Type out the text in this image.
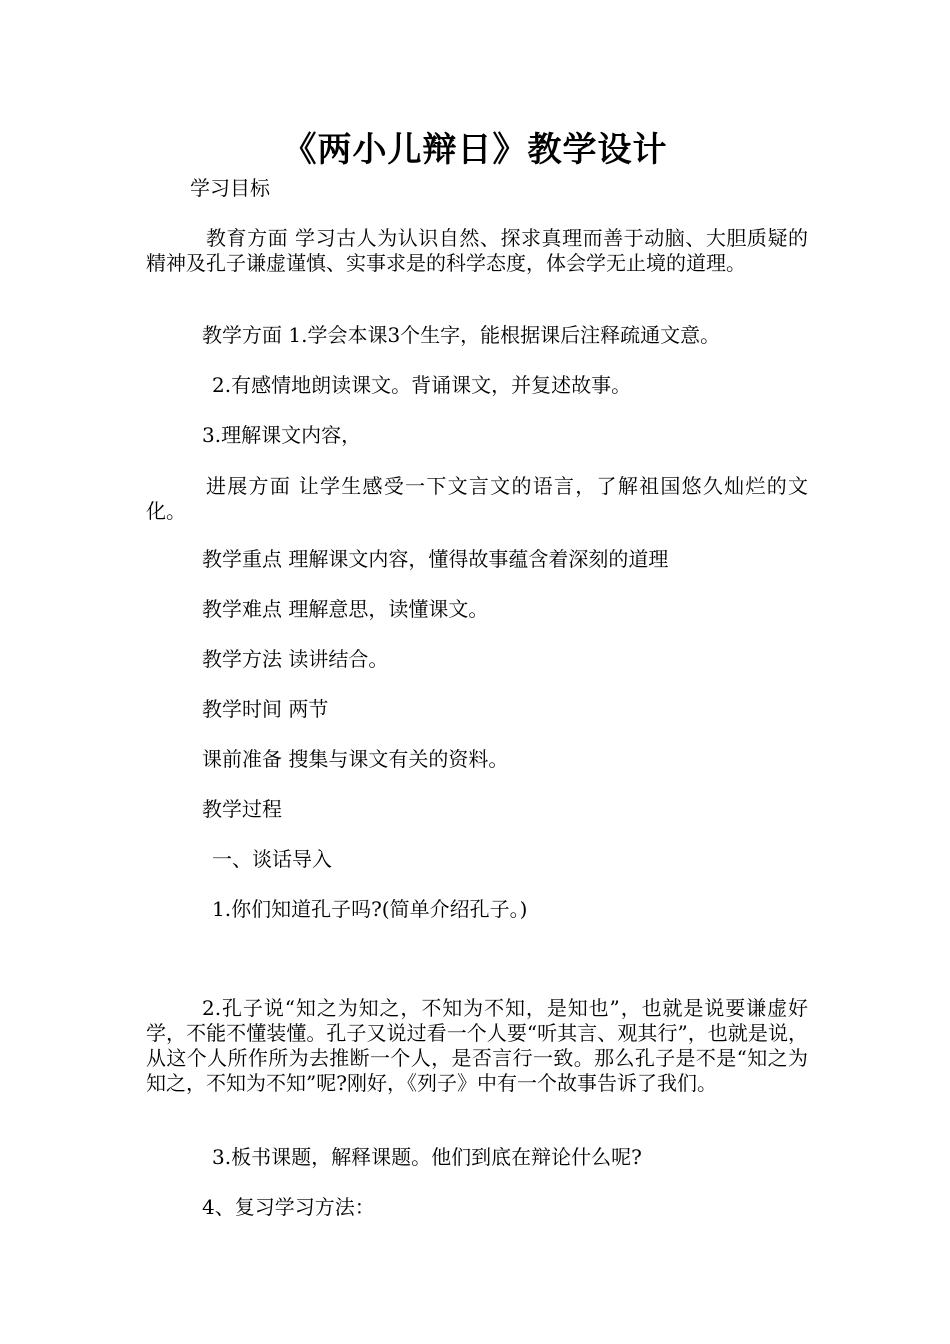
《两小儿辩日》教学设计

学习目标

教育方面 学习古人为认识自然、探求真理而善于动脑、大胆质疑的精神及孔子谦虚谨慎、实事求是的科学态度，体会学无止境的道理。

教学方面 1.学会本课3个生字，能根据课后注释疏通文意。

2.有感情地朗读课文。背诵课文，并复述故事。

3.理解课文内容，

进展方面 让学生感受一下文言文的语言，了解祖国悠久灿烂的文化。

教学重点 理解课文内容，懂得故事蕴含着深刻的道理

教学难点 理解意思，读懂课文。

教学方法 读讲结合。

教学时间 两节

课前准备 搜集与课文有关的资料。

教学过程

一、谈话导入

1.你们知道孔子吗?(简单介绍孔子。)

2.孔子说“知之为知之，不知为不知，是知也”，也就是说要谦虚好学，不能不懂装懂。孔子又说过看一个人要“听其言、观其行”，也就是说，从这个人所作所为去推断一个人，是否言行一致。那么孔子是不是“知之为知之，不知为不知”呢?刚好，《列子》中有一个故事告诉了我们。

3.板书课题，解释课题。他们到底在辩论什么呢?

4、复习学习方法：
